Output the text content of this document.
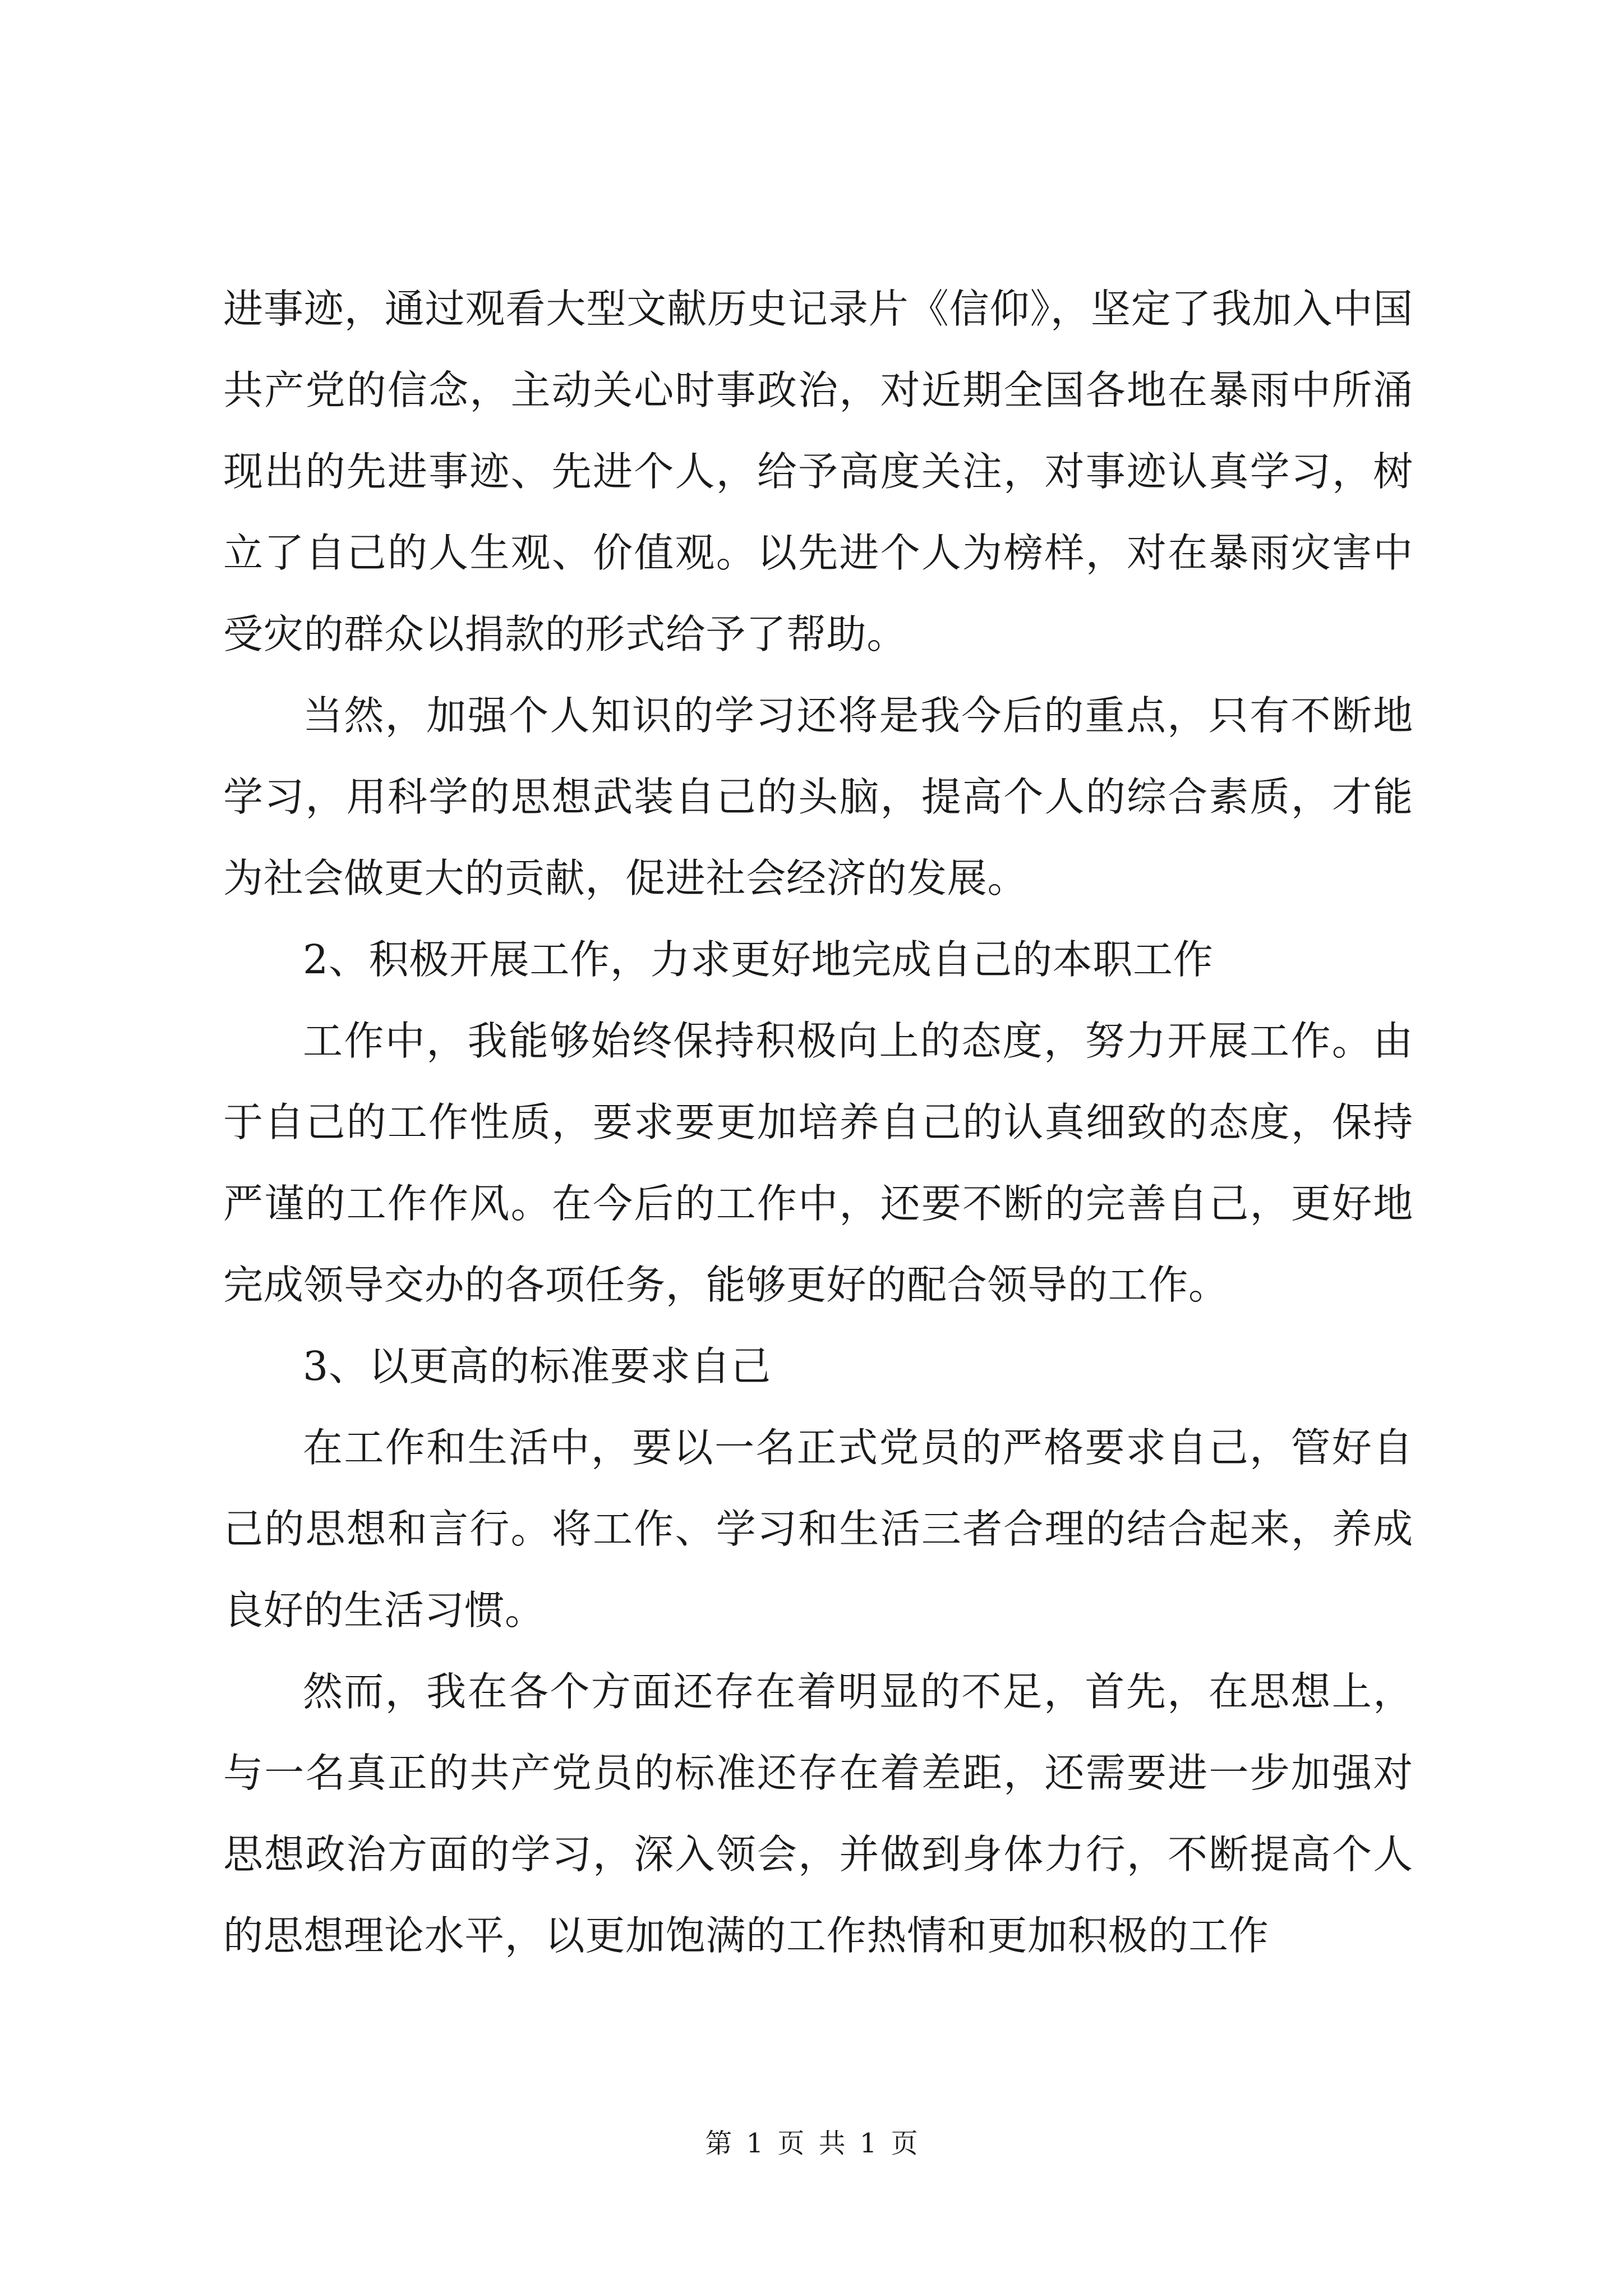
进事迹，通过观看大型文献历史记录片《信仰》，坚定了我加入中国共产党的信念，主动关心时事政治，对近期全国各地在暴雨中所涌现出的先进事迹、先进个人，给予高度关注，对事迹认真学习，树立了自己的人生观、价值观。以先进个人为榜样，对在暴雨灾害中受灾的群众以捐款的形式给予了帮助。

当然，加强个人知识的学习还将是我今后的重点，只有不断地学习，用科学的思想武装自己的头脑，提高个人的综合素质，才能为社会做更大的贡献，促进社会经济的发展。

2、积极开展工作，力求更好地完成自己的本职工作

工作中，我能够始终保持积极向上的态度，努力开展工作。由于自己的工作性质，要求要更加培养自己的认真细致的态度，保持严谨的工作作风。在今后的工作中，还要不断的完善自己，更好地完成领导交办的各项任务，能够更好的配合领导的工作。

3、以更高的标准要求自己

在工作和生活中，要以一名正式党员的严格要求自己，管好自己的思想和言行。将工作、学习和生活三者合理的结合起来，养成良好的生活习惯。

然而，我在各个方面还存在着明显的不足，首先，在思想上，与一名真正的共产党员的标准还存在着差距，还需要进一步加强对思想政治方面的学习，深入领会，并做到身体力行，不断提高个人的思想理论水平，以更加饱满的工作热情和更加积极的工作

第 1 页 共 1 页
